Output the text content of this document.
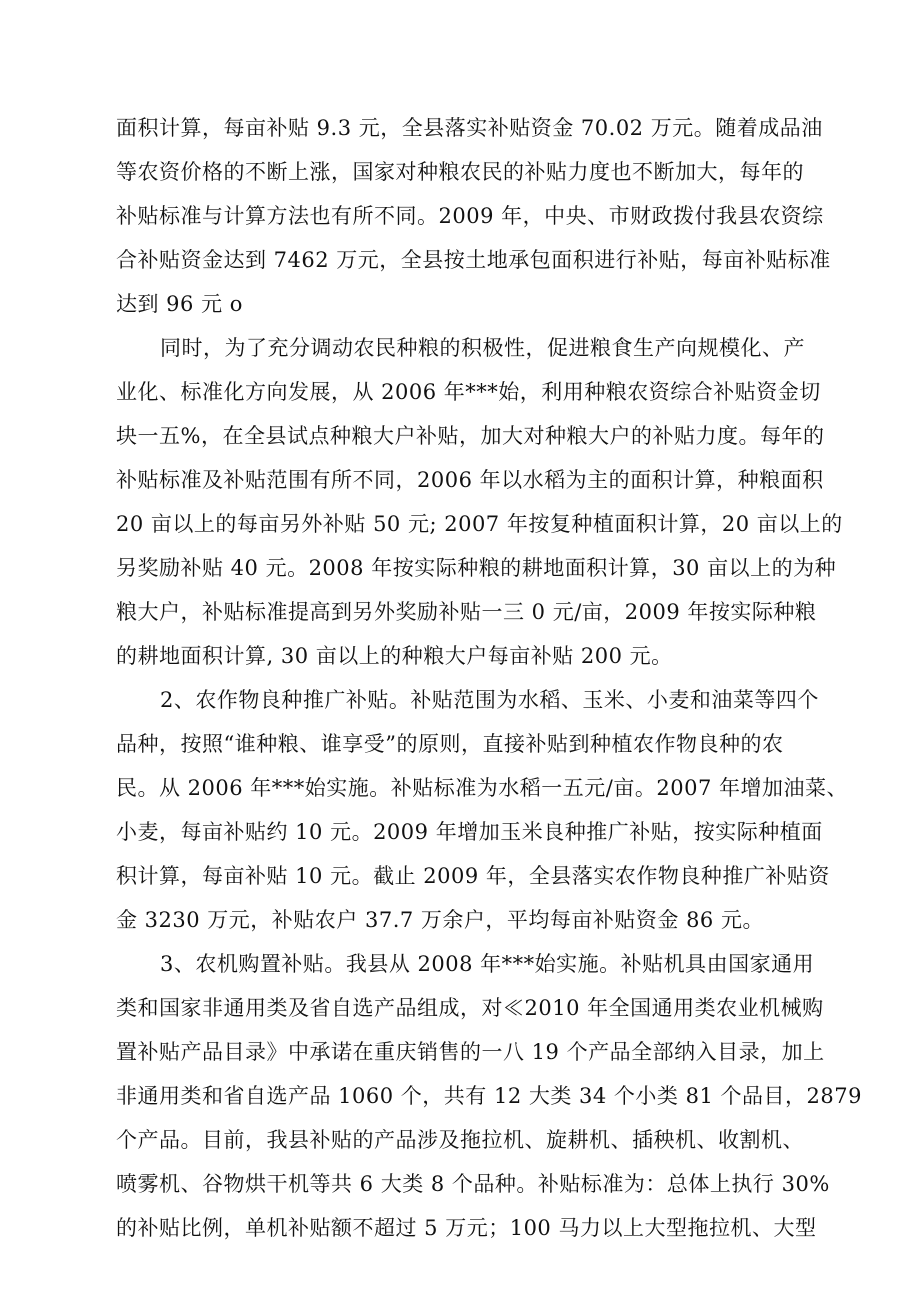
面积计算，每亩补贴 9.3 元，全县落实补贴资金 70.02 万元。随着成品油
等农资价格的不断上涨，国家对种粮农民的补贴力度也不断加大，每年的
补贴标准与计算方法也有所不同。2009 年，中央、市财政拨付我县农资综
合补贴资金达到 7462 万元，全县按土地承包面积进行补贴，每亩补贴标准
达到 96 元 o
同时，为了充分调动农民种粮的积极性，促进粮食生产向规模化、产
业化、标准化方向发展，从 2006 年***始，利用种粮农资综合补贴资金切
块一五%，在全县试点种粮大户补贴，加大对种粮大户的补贴力度。每年的
补贴标准及补贴范围有所不同，2006 年以水稻为主的面积计算，种粮面积
20 亩以上的每亩另外补贴 50 元; 2007 年按复种植面积计算，20 亩以上的
另奖励补贴 40 元。2008 年按实际种粮的耕地面积计算，30 亩以上的为种
粮大户，补贴标准提高到另外奖励补贴一三 0 元/亩，2009 年按实际种粮
的耕地面积计算, 30 亩以上的种粮大户每亩补贴 200 元。
2、农作物良种推广补贴。补贴范围为水稻、玉米、小麦和油菜等四个
品种，按照“谁种粮、谁享受”的原则，直接补贴到种植农作物良种的农
民。从 2006 年***始实施。补贴标准为水稻一五元/亩。2007 年增加油菜、
小麦，每亩补贴约 10 元。2009 年增加玉米良种推广补贴，按实际种植面
积计算，每亩补贴 10 元。截止 2009 年，全县落实农作物良种推广补贴资
金 3230 万元，补贴农户 37.7 万余户，平均每亩补贴资金 86 元。
3、农机购置补贴。我县从 2008 年***始实施。补贴机具由国家通用
类和国家非通用类及省自选产品组成，对≪2010 年全国通用类农业机械购
置补贴产品目录》中承诺在重庆销售的一八 19 个产品全部纳入目录，加上
非通用类和省自选产品 1060 个，共有 12 大类 34 个小类 81 个品目，2879
个产品。目前，我县补贴的产品涉及拖拉机、旋耕机、插秧机、收割机、
喷雾机、谷物烘干机等共 6 大类 8 个品种。补贴标准为：总体上执行 30%
的补贴比例，单机补贴额不超过 5 万元；100 马力以上大型拖拉机、大型
